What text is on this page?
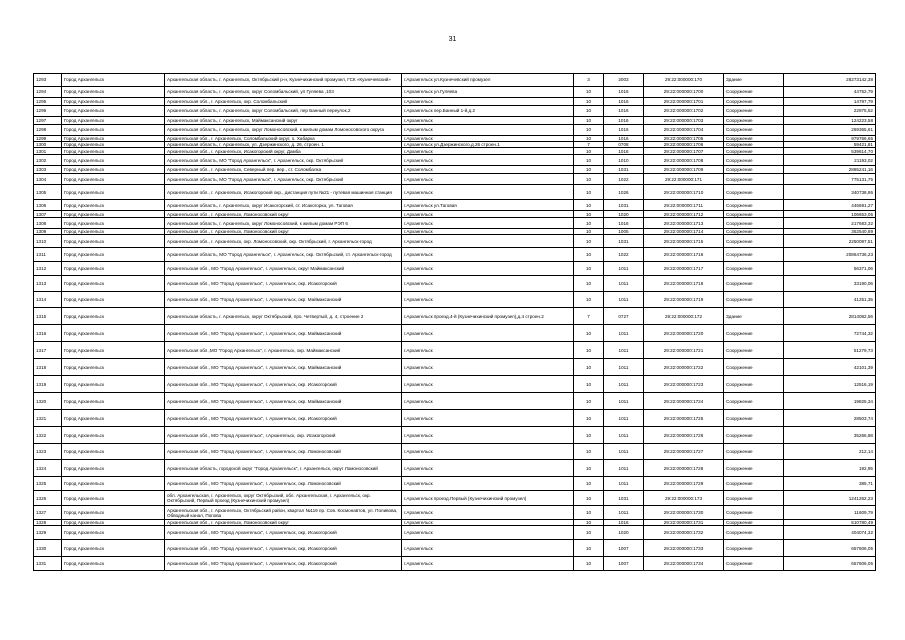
31
1293	Город Архангельск	Архангельская область, г. Архангельск, Октябрьский р-н, Кузнечихинский промузел, ГСК «Кузнечевский»	г.Архангельск ул.Кузнечевский промузел	3	2003	29:22:000000:170	Здание	28273142,38
1294	Город Архангельск	Архангельская область, г. Архангельск, округ Соломбальский, ул Гуляева ,103	г.Архангельск ул.Гуляева	10	1016	29:22:000000:1700	Сооружение	44752,79
1295	Город Архангельск	Архангельская обл., г. Архангельск, окр. Соломбальский	г.Архангельск	10	1016	29:22:000000:1701	Сооружение	14797,79
1296	Город Архангельск	Архангельская область, г. Архангельск, округ Соломбальский, пер Банный переулок,2	г.Архангельск пер.Банный 1-й,д.2	10	1016	29:22:000000:1702	Сооружение	22975,52
1297	Город Архангельск	Архангельская область, г. Архангельск, Маймаксанский округ	г.Архангельск	10	1016	29:22:000000:1703	Сооружение	124223,58
1298	Город Архангельск	Архангельская область, г. Архангельск, округ Ломоносовский, к жилым домам Ломоносовского округа	г.Архангельск	10	1016	29:22:000000:1704	Сооружение	269365,61
1299	Город Архангельск	Архангельская обл., г. Архангельск, Соломбальский округ, о. Хабарка	г.Архангельск	10	1016	29:22:000000:1705	Сооружение	979766,65
1300	Город Архангельск	Архангельская область, г. Архангельск, ул. Дзержинского, д. 26, строен. 1	г.Архангельск ул.Дзержинского,д.26 строен.1	7	0708	29:22:000000:1706	Сооружение	59421,81
1301	Город Архангельск	Архангельская обл., г. Архангельск, Исакогорский округ, Дамба	г.Архангельск	10	1016	29:22:000000:1707	Сооружение	539614,70
1302	Город Архангельск	Архангельская область, МО "Город Архангельск", г. Архангельск, окр. Октябрьский	г.Архангельск	10	1010	29:22:000000:1708	Сооружение	21193,02
1303	Город Архангельск	Архангельская обл., г. Архангельск, Северный пер. вер., ст. Соломбалка	г.Архангельск	10	1031	29:22:000000:1709	Сооружение	2885241,16
1304	Город Архангельск	Архангельская область, МО "Город Архангельск", г. Архангельск, окр. Октябрьский	г.Архангельск	10	1022	29:22:000000:171	Сооружение	775131,75
1305	Город Архангельск	Архангельская обл., г. Архангельск, Исакогорский окр., дистанция пути №21 - путевая машинная станция	г.Архангельск	10	1026	29:22:000000:1710	Сооружение	340738,95
1306	Город Архангельск	Архангельская область, г. Архангельск, округ Исакогорский, ст. Исакогорка, ул. Таговая	г.Архангельск ул.Таговая	10	1031	29:22:000000:1711	Сооружение	446691,27
1307	Город Архангельск	Архангельская обл., г. Архангельск, Ломоносовский округ	г.Архангельск	10	1020	29:22:000000:1712	Сооружение	106653,05
1308	Город Архангельск	Архангельская область, г. Архангельск, округ Ломоносовский, к жилым домам РЭП 6	г.Архангельск	10	1016	29:22:000000:1713	Сооружение	217683,32
1309	Город Архангельск	Архангельская обл., г. Архангельск, Ломоносовский округ	г.Архангельск	10	1005	29:22:000000:1714	Сооружение	352540,89
1310	Город Архангельск	Архангельская обл., г. Архангельск, окр. Ломоносовский, окр. Октябрьский, г. Архангельск-город	г.Архангельск	10	1031	29:22:000000:1715	Сооружение	2250097,51
1311	Город Архангельск	Архангельская область, МО "Город Архангельск", г. Архангельск, окр. Октябрьский, ст. Архангельск-город	г.Архангельск	10	1022	29:22:000000:1716	Сооружение	20864736,23
1312	Город Архангельск	Архангельская обл., МО "Город Архангельск", г. Архангельск, округ Маймаксанский	г.Архангельск	10	1011	29:22:000000:1717	Сооружение	56371,06
1313	Город Архангельск	Архангельская обл., МО "Город Архангельск", г. Архангельск, окр. Исакогорский	г.Архангельск	10	1011	29:22:000000:1718	Сооружение	33190,06
1314	Город Архангельск	Архангельская обл., МО "Город Архангельск", г. Архангельск, окр. Маймаксанский	г.Архангельск	10	1011	29:22:000000:1719	Сооружение	41251,35
1315	Город Архангельск	Архангельская область, г. Архангельск, округ Октябрьский, про. Четвертый, д. 4, строение 2	г.Архангельск проезд.4-й (Кузнечихинский промузел),д.4 строен.2	7	0727	29:22:000000:172	Здание	2814082,56
1316	Город Архангельск	Архангельская обл., МО "Город Архангельск", г. Архангельск, окр. Маймаксанский	г.Архангельск	10	1011	29:22:000000:1720	Сооружение	72744,32
1317	Город Архангельск	Архангельская обл.,МО "Город Архангельск", г. Архангельск, окр. Маймаксанский	г.Архангельск	10	1011	29:22:000000:1721	Сооружение	51279,73
1318	Город Архангельск	Архангельская обл., МО "Город Архангельск", г. Архангельск, окр. Маймаксанский	г.Архангельск	10	1011	29:22:000000:1722	Сооружение	42101,39
1319	Город Архангельск	Архангельская обл., МО "Город Архангельск", г. Архангельск, окр. Исакогорский	г.Архангельск	10	1011	29:22:000000:1723	Сооружение	12516,19
1320	Город Архангельск	Архангельская обл., МО "Город Архангельск", г. Архангельск, окр. Маймаксанский	г.Архангельск	10	1011	29:22:000000:1724	Сооружение	19825,34
1321	Город Архангельск	Архангельская обл., МО "Город Архангельск", г. Архангельск, окр. Исакогорский	г.Архангельск	10	1011	29:22:000000:1725	Сооружение	28503,74
1322	Город Архангельск	Архангельская обл., МО "Город Архангельск", г.Архангельск, окр. Исакогорский	г.Архангельск	10	1011	29:22:000000:1726	Сооружение	35266,88
1323	Город Архангельск	Архангельская обл., МО "Город Архангельск", г. Архангельск, окр. Ломоносовский	г.Архангельск	10	1011	29:22:000000:1727	Сооружение	212,14
1324	Город Архангельск	Архангельская область, городской округ "Город Архангельск", г. Архангельск, округ Ломоносовский	г.Архангельск	10	1011	29:22:000000:1728	Сооружение	192,95
1325	Город Архангельск	Архангельская обл., МО "Город Архангельск", г. Архангельск, окр. Ломоносовский	г.Архангельск	10	1011	29:22:000000:1729	Сооружение	385,71
1326	Город Архангельск	обл. Архангельская, г. Архангельск, округ Октябрьский, обл. Архангельская, г. Архангельск, окр. Октябрьский, Первый проезд (Кузнечихинский промузел)	г.Архангельск проезд.Первый (Кузнечихинский промузел)	10	1031	29:22:000000:173	Сооружение	1241262,23
1327	Город Архангельск	Архангельская обл., г. Архангельск, Октябрьский район, квартал №119 пр. Сов. Космонавтов, ул. Поливова, Обводный канал, Попова	г.Архангельск	10	1011	29:22:000000:1730	Сооружение	11609,79
1328	Город Архангельск	Архангельская обл., г. Архангельск, Ломоносовский округ	г.Архангельск	10	1016	29:22:000000:1731	Сооружение	510780,49
1329	Город Архангельск	Архангельская обл., МО "Город Архангельск", г. Архангельск, окр. Исакогорский	г.Архангельск	10	1020	29:22:000000:1732	Сооружение	404074,32
1330	Город Архангельск	Архангельская обл., МО "Город Архангельск", г. Архангельск, окр. Исакогорский	г.Архангельск	10	1007	29:22:000000:1733	Сооружение	657606,05
1331	Город Архангельск	Архангельская обл., МО "Город Архангельск", г. Архангельск, окр. Исакогорский	г.Архангельск	10	1007	29:22:000000:1734	Сооружение	657606,05
